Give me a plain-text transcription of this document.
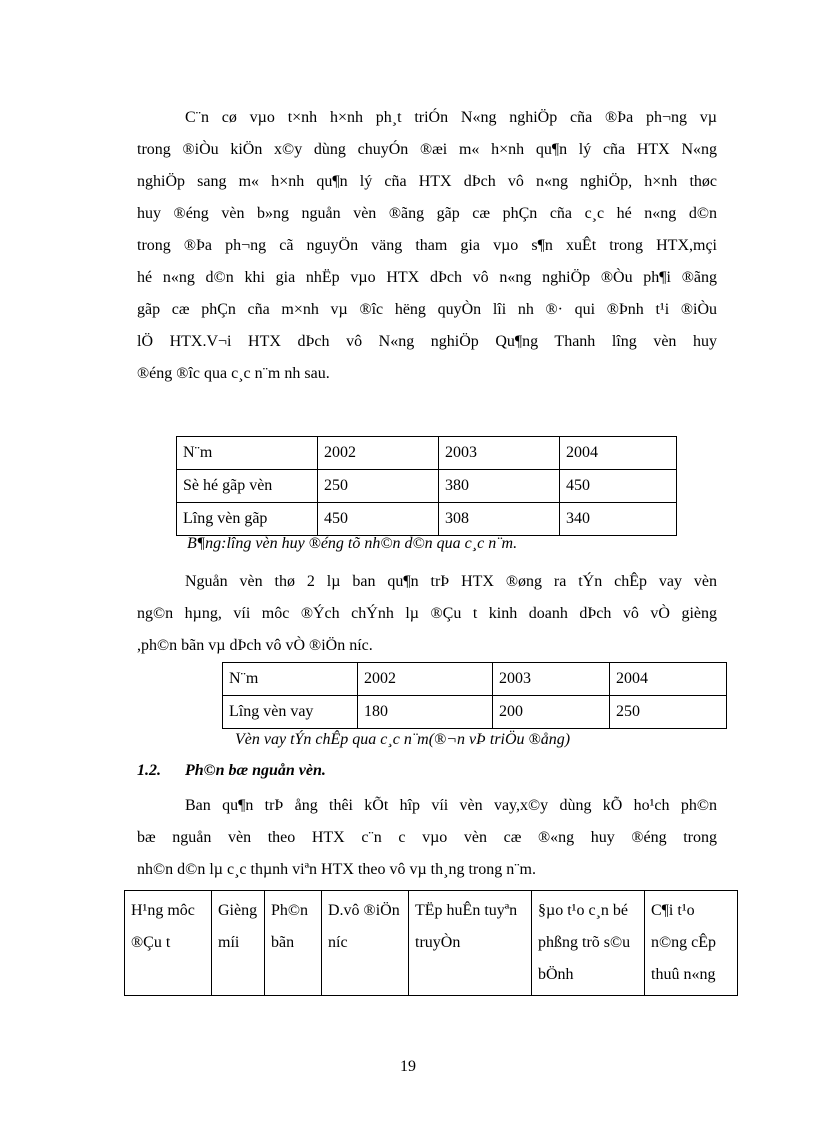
C¨n cø vµo t×nh h×nh ph¸t triÓn N«ng nghiÖp cña ®Þa ph¬ng vµ
trong ®iÒu kiÖn x©y dùng chuyÓn ®æi m« h×nh qu¶n lý cña HTX N«ng
nghiÖp sang m« h×nh qu¶n lý cña HTX dÞch vô n«ng nghiÖp, h×nh thøc
huy ®éng vèn b»ng nguån vèn ®ãng gãp cæ phÇn cña c¸c hé n«ng d©n
trong ®Þa ph¬ng cã nguyÖn väng tham gia vµo s¶n xuÊt trong HTX,mçi
hé n«ng d©n khi gia nhËp vµo HTX dÞch vô n«ng nghiÖp ®Òu ph¶i ®ãng
gãp cæ phÇn cña m×nh vµ ®îc hëng quyÒn lîi nh ®· qui ®Þnh t¹i ®iÒu
lÖ HTX.V¬i HTX dÞch vô N«ng nghiÖp Qu¶ng Thanh lîng vèn huy
®éng ®îc qua c¸c n¨m nh sau.
N¨m	2002	2003	2004
Sè hé gãp vèn	250	380	450
Lîng vèn gãp	450	308	340
B¶ng:lîng vèn huy ®éng tõ nh©n d©n qua c¸c n¨m.
Nguån vèn thø 2 lµ ban qu¶n trÞ HTX ®øng ra tÝn chÊp vay vèn
ng©n hµng, víi môc ®Ých chÝnh lµ ®Çu t kinh doanh dÞch vô vÒ gièng
,ph©n bãn vµ dÞch vô vÒ ®iÖn níc.
N¨m	2002	2003	2004
Lîng vèn vay	180	200	250
Vèn vay tÝn chÊp qua c¸c n¨m(®¬n vÞ triÖu ®ång)
1.2. Ph©n bæ nguån vèn.
Ban qu¶n trÞ ång thêi kÕt hîp víi vèn vay,x©y dùng kÕ ho¹ch ph©n
bæ nguån vèn theo HTX c¨n c vµo vèn cæ ®«ng huy ®éng trong
nh©n d©n lµ c¸c thµnh viªn HTX theo vô vµ th¸ng trong n¨m.
H¹ng môc ®Çu t	Gièng míi	Ph©n bãn	D.vô ®iÖn níc	TËp huÊn tuyªn truyÒn	§µo t¹o c¸n bé phßng trõ s©u bÖnh	C¶i t¹o n©ng cÊp thuû n«ng
19
